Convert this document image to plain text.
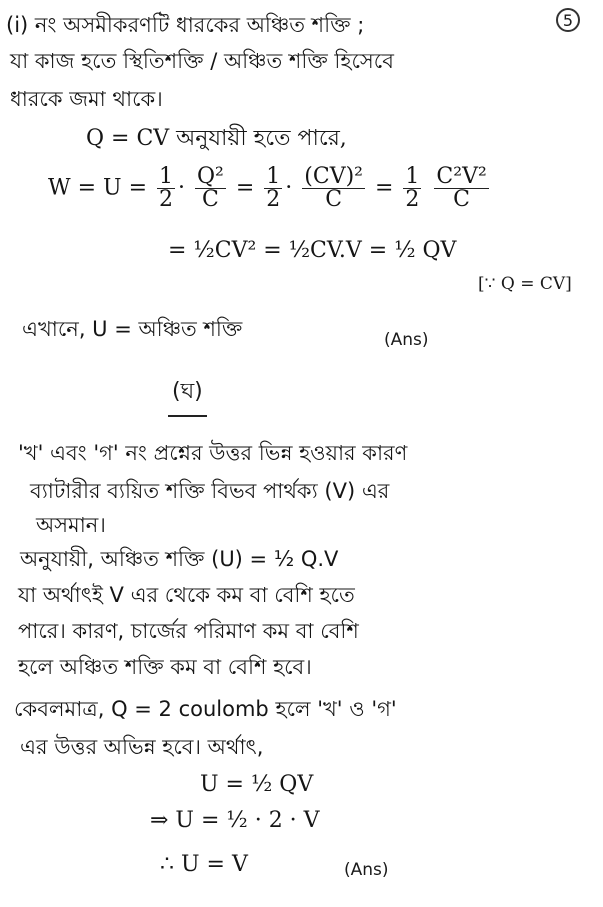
5
(i) নং অসমীকরণটি ধারকের অঞ্চিত শক্তি ;
যা কাজ হতে স্থিতিশক্তি / অঞ্চিত শক্তি হিসেবে
ধারকে জমা থাকে।
Q = CV অনুযায়ী হতে পারে,
$W = U = \frac{1}{2} \cdot \frac{\text{Q²}}{C} = \frac{1}{2} \cdot \frac{\text{(CV)²}}{C} = \frac{1}{2}$
$\frac{\text{C²V²}}{C}$
= ½CV² = ½CV.V = ½ QV
[∵ Q = CV]
এখানে, U = অঞ্চিত শক্তি	(Ans)
(ঘ)
'খ' এবং 'গ' নং প্রশ্নের উত্তর ভিন্ন হওয়ার কারণ
ব্যাটারীর ব্যয়িত শক্তি বিভব পার্থক্য (V) এর
অসমান।
অনুযায়ী, অঞ্চিত শক্তি (U) = ½ Q.V
যা অর্থাৎই V এর থেকে কম বা বেশি হতে
পারে। কারণ, চার্জের পরিমাণ কম বা বেশি
হলে অঞ্চিত শক্তি কম বা বেশি হবে।
কেবলমাত্র, Q = 2 coulomb হলে 'খ' ও 'গ'
এর উত্তর অভিন্ন হবে। অর্থাৎ,
U = ½ QV
⇒ U = ½ · 2 · V
∴ U = V	(Ans)
